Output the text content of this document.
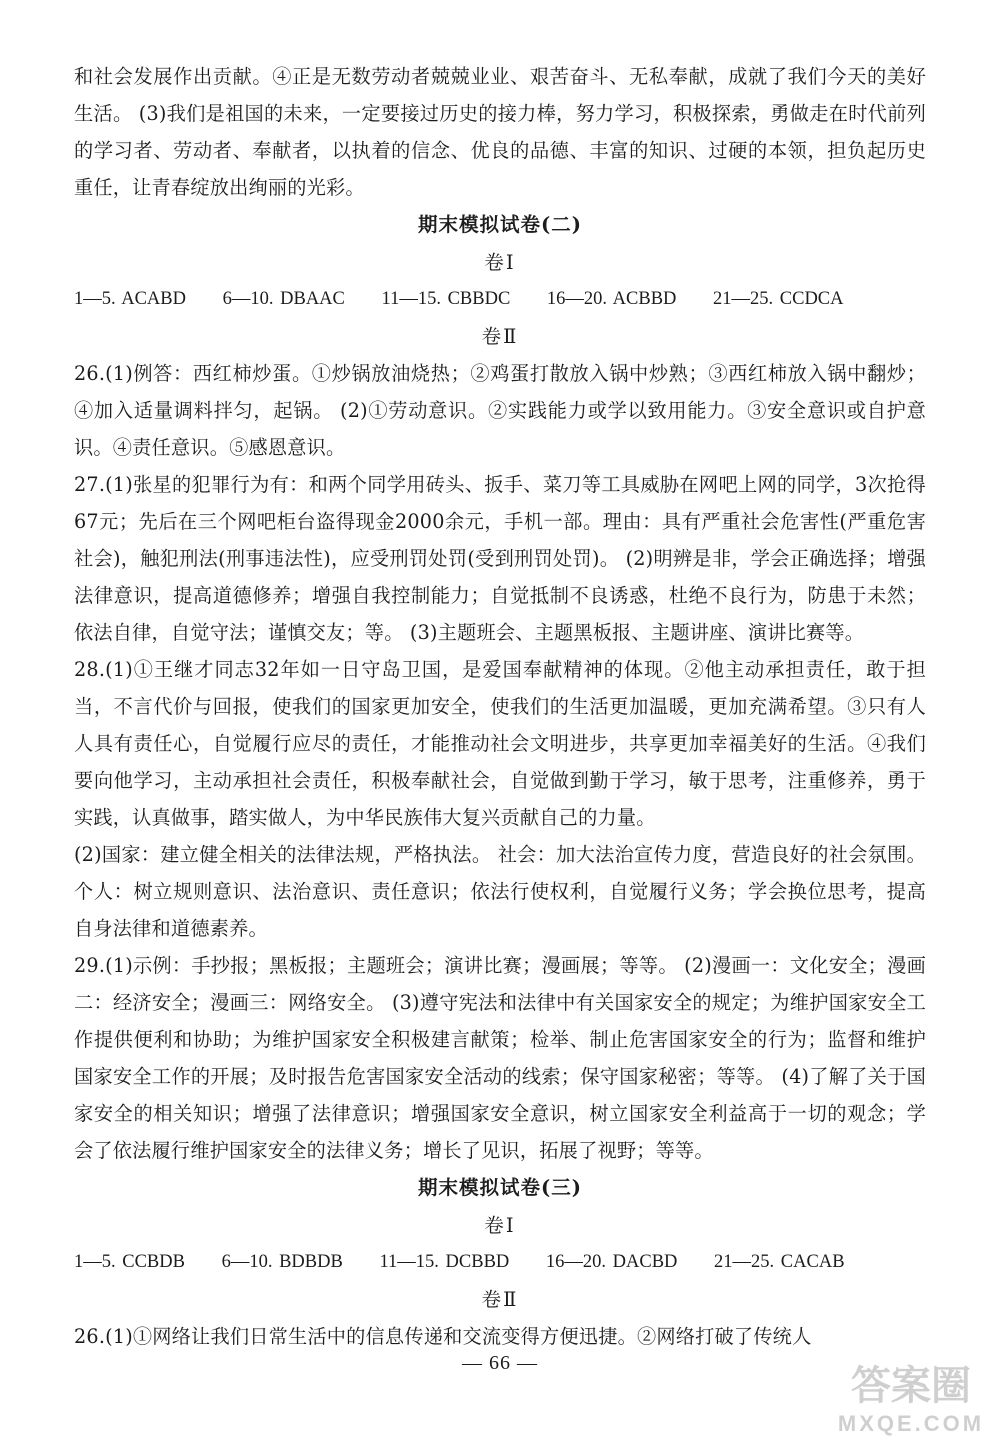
和社会发展作出贡献。④正是无数劳动者兢兢业业、艰苦奋斗、无私奉献，成就了我们今天的美好生活。 (3)我们是祖国的未来，一定要接过历史的接力棒，努力学习，积极探索，勇做走在时代前列的学习者、劳动者、奉献者，以执着的信念、优良的品德、丰富的知识、过硬的本领，担负起历史重任，让青春绽放出绚丽的光彩。

期末模拟试卷(二)

卷Ⅰ

1—5. ACABD 6—10. DBAAC 11—15. CBBDC 16—20. ACBBD 21—25. CCDCA

卷Ⅱ

26.(1)例答：西红柿炒蛋。①炒锅放油烧热；②鸡蛋打散放入锅中炒熟；③西红柿放入锅中翻炒；④加入适量调料拌匀，起锅。 (2)①劳动意识。②实践能力或学以致用能力。③安全意识或自护意识。④责任意识。⑤感恩意识。

27.(1)张星的犯罪行为有：和两个同学用砖头、扳手、菜刀等工具威胁在网吧上网的同学，3次抢得67元；先后在三个网吧柜台盗得现金2000余元，手机一部。理由：具有严重社会危害性(严重危害社会)，触犯刑法(刑事违法性)，应受刑罚处罚(受到刑罚处罚)。 (2)明辨是非，学会正确选择；增强法律意识，提高道德修养；增强自我控制能力；自觉抵制不良诱惑，杜绝不良行为，防患于未然；依法自律，自觉守法；谨慎交友；等。 (3)主题班会、主题黑板报、主题讲座、演讲比赛等。

28.(1)①王继才同志32年如一日守岛卫国，是爱国奉献精神的体现。②他主动承担责任，敢于担当，不言代价与回报，使我们的国家更加安全，使我们的生活更加温暖，更加充满希望。③只有人人具有责任心，自觉履行应尽的责任，才能推动社会文明进步，共享更加幸福美好的生活。④我们要向他学习，主动承担社会责任，积极奉献社会，自觉做到勤于学习，敏于思考，注重修养，勇于实践，认真做事，踏实做人，为中华民族伟大复兴贡献自己的力量。

(2)国家：建立健全相关的法律法规，严格执法。 社会：加大法治宣传力度，营造良好的社会氛围。 个人：树立规则意识、法治意识、责任意识；依法行使权利，自觉履行义务；学会换位思考，提高自身法律和道德素养。

29.(1)示例：手抄报；黑板报；主题班会；演讲比赛；漫画展；等等。 (2)漫画一：文化安全；漫画二：经济安全；漫画三：网络安全。 (3)遵守宪法和法律中有关国家安全的规定；为维护国家安全工作提供便利和协助；为维护国家安全积极建言献策；检举、制止危害国家安全的行为；监督和维护国家安全工作的开展；及时报告危害国家安全活动的线索；保守国家秘密；等等。 (4)了解了关于国家安全的相关知识；增强了法律意识；增强国家安全意识，树立国家安全利益高于一切的观念；学会了依法履行维护国家安全的法律义务；增长了见识，拓展了视野；等等。

期末模拟试卷(三)

卷Ⅰ

1—5. CCBDB 6—10. BDBDB 11—15. DCBBD 16—20. DACBD 21—25. CACAB

卷Ⅱ

26.(1)①网络让我们日常生活中的信息传递和交流变得方便迅捷。②网络打破了传统人

— 66 —
答案圈
MXQE.COM
